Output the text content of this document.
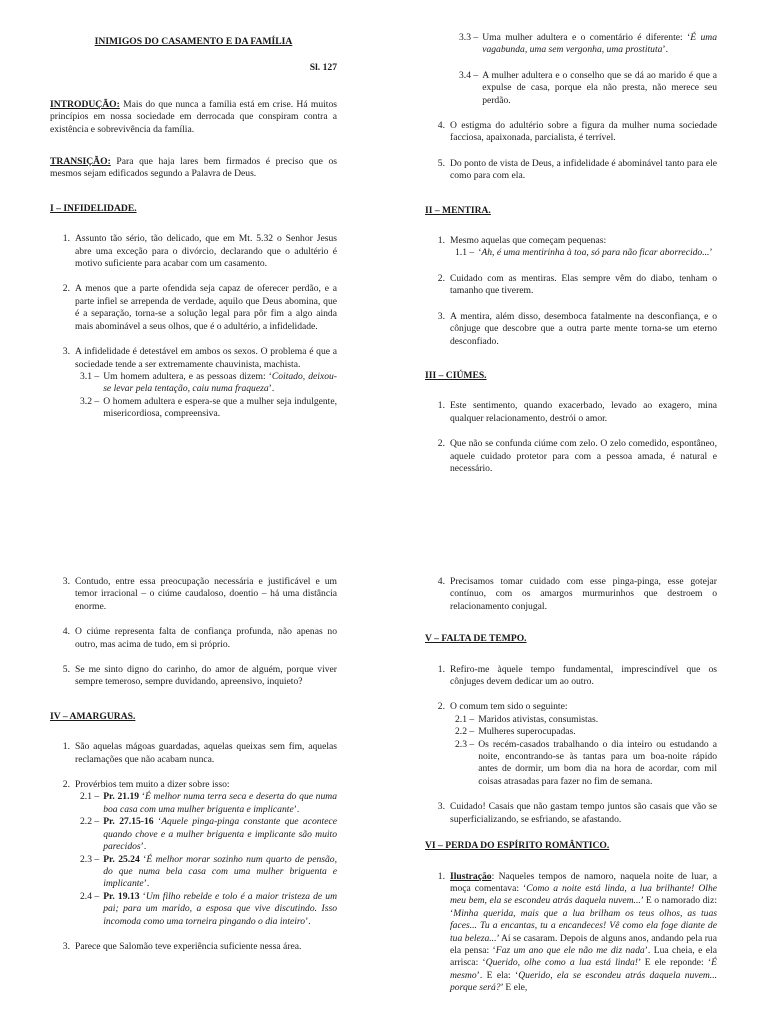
INIMIGOS DO CASAMENTO E DA FAMÍLIA
Sl. 127

INTRODUÇÃO: Mais do que nunca a família está em crise. Há muitos princípios em nossa sociedade em derrocada que conspiram contra a existência e sobrevivência da família.

TRANSIÇÃO: Para que haja lares bem firmados é preciso que os mesmos sejam edificados segundo a Palavra de Deus.

I – INFIDELIDADE.
1. Assunto tão sério, tão delicado, que em Mt. 5.32 o Senhor Jesus abre uma exceção para o divórcio, declarando que o adultério é motivo suficiente para acabar com um casamento.
2. A menos que a parte ofendida seja capaz de oferecer perdão, e a parte infiel se arrependa de verdade, aquilo que Deus abomina, que é a separação, torna-se a solução legal para pôr fim a algo ainda mais abominável a seus olhos, que é o adultério, a infidelidade.
3. A infidelidade é detestável em ambos os sexos. O problema é que a sociedade tende a ser extremamente chauvinista, machista.
3.1 – Um homem adultera, e as pessoas dizem: ‘Coitado, deixou-se levar pela tentação, caiu numa fraqueza’.
3.2 – O homem adultera e espera-se que a mulher seja indulgente, misericordiosa, compreensiva.
3.3 – Uma mulher adultera e o comentário é diferente: ‘É uma vagabunda, uma sem vergonha, uma prostituta’.
3.4 – A mulher adultera e o conselho que se dá ao marido é que a expulse de casa, porque ela não presta, não merece seu perdão.
4. O estigma do adultério sobre a figura da mulher numa sociedade facciosa, apaixonada, parcialista, é terrível.
5. Do ponto de vista de Deus, a infidelidade é abominável tanto para ele como para com ela.
II – MENTIRA.
1. Mesmo aquelas que começam pequenas:
1.1 – ‘Ah, é uma mentirinha à toa, só para não ficar aborrecido...’
2. Cuidado com as mentiras. Elas sempre vêm do diabo, tenham o tamanho que tiverem.
3. A mentira, além disso, desemboca fatalmente na desconfiança, e o cônjuge que descobre que a outra parte mente torna-se um eterno desconfiado.
III – CIÚMES.
1. Este sentimento, quando exacerbado, levado ao exagero, mina qualquer relacionamento, destrói o amor.
2. Que não se confunda ciúme com zelo. O zelo comedido, espontâneo, aquele cuidado protetor para com a pessoa amada, é natural e necessário.
3. Contudo, entre essa preocupação necessária e justificável e um temor irracional – o ciúme caudaloso, doentio – há uma distância enorme.
4. O ciúme representa falta de confiança profunda, não apenas no outro, mas acima de tudo, em si próprio.
5. Se me sinto digno do carinho, do amor de alguém, porque viver sempre temeroso, sempre duvidando, apreensivo, inquieto?
IV – AMARGURAS.
1. São aquelas mágoas guardadas, aquelas queixas sem fim, aquelas reclamações que não acabam nunca.
2. Provérbios tem muito a dizer sobre isso:
2.1 – Pr. 21.19 ‘É melhor numa terra seca e deserta do que numa boa casa com uma mulher briguenta e implicante’.
2.2 – Pr. 27.15-16 ‘Aquele pinga-pinga constante que acontece quando chove e a mulher briguenta e implicante são muito parecidos’.
2.3 – Pr. 25.24 ‘É melhor morar sozinho num quarto de pensão, do que numa bela casa com uma mulher briguenta e implicante’.
2.4 – Pr. 19.13 ‘Um filho rebelde e tolo é a maior tristeza de um pai; para um marido, a esposa que vive discutindo. Isso incomoda como uma torneira pingando o dia inteiro’.
3. Parece que Salomão teve experiência suficiente nessa área.
4. Precisamos tomar cuidado com esse pinga-pinga, esse gotejar contínuo, com os amargos murmurinhos que destroem o relacionamento conjugal.
V – FALTA DE TEMPO.
1. Refiro-me àquele tempo fundamental, imprescindível que os cônjuges devem dedicar um ao outro.
2. O comum tem sido o seguinte:
2.1 – Maridos ativistas, consumistas.
2.2 – Mulheres superocupadas.
2.3 – Os recém-casados trabalhando o dia inteiro ou estudando a noite, encontrando-se às tantas para um boa-noite rápido antes de dormir, um bom dia na hora de acordar, com mil coisas atrasadas para fazer no fim de semana.
3. Cuidado! Casais que não gastam tempo juntos são casais que vão se superficializando, se esfriando, se afastando.
VI – PERDA DO ESPÍRITO ROMÂNTICO.
1. Ilustração: Naqueles tempos de namoro, naquela noite de luar, a moça comentava: ‘Como a noite está linda, a lua brilhante! Olhe meu bem, ela se escondeu atrás daquela nuvem...’ E o namorado diz: ‘Minha querida, mais que a lua brilham os teus olhos, as tuas faces... Tu a encantas, tu a encandeces! Vê como ela foge diante de tua beleza...’ Aí se casaram. Depois de alguns anos, andando pela rua ela pensa: ‘Faz um ano que ele não me diz nada’. Lua cheia, e ela arrisca: ‘Querido, olhe como a lua está linda!’ E ele reponde: ‘É mesmo’. E ela: ‘Querido, ela se escondeu atrás daquela nuvem... porque será?’ E ele,
